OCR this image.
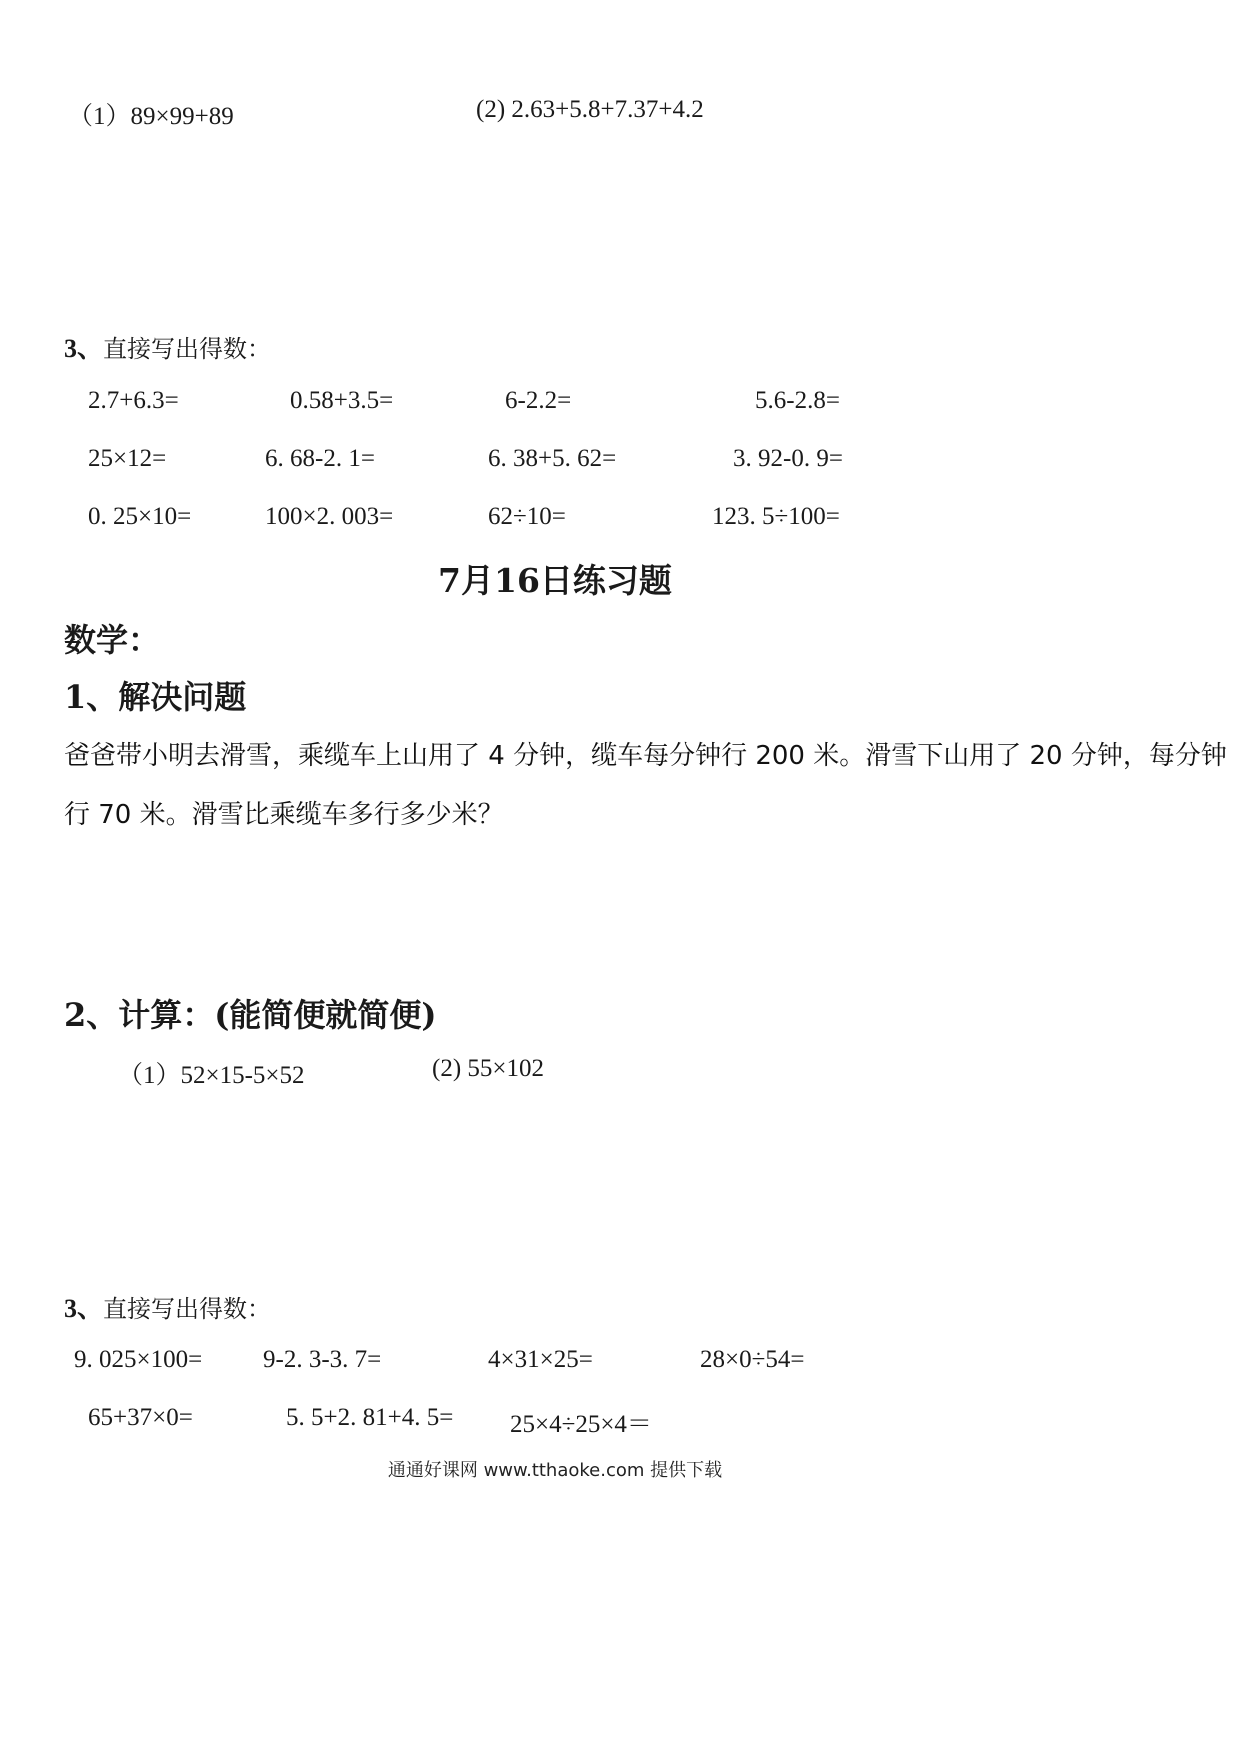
（1）89×99+89	(2) 2.63+5.8+7.37+4.2
3、直接写出得数：
2.7+6.3=	0.58+3.5=	6-2.2=	5.6-2.8=
25×12=	6. 68-2. 1=	6. 38+5. 62=	3. 92-0. 9=
0. 25×10=	100×2. 003=	62÷10=	123. 5÷100=
7月16日练习题
数学：
1、解决问题
爸爸带小明去滑雪，乘缆车上山用了 4 分钟，缆车每分钟行 200 米。滑雪下山用了 20 分钟，每分钟
行 70 米。滑雪比乘缆车多行多少米？
2、计算：(能简便就简便)
（1）52×15-5×52	(2) 55×102
3、直接写出得数：
9. 025×100= 9-2. 3-3. 7=	4×31×25=	28×0÷54=
65+37×0=	5. 5+2. 81+4. 5= 25×4÷25×4＝
通通好课网 www.tthaoke.com 提供下载
